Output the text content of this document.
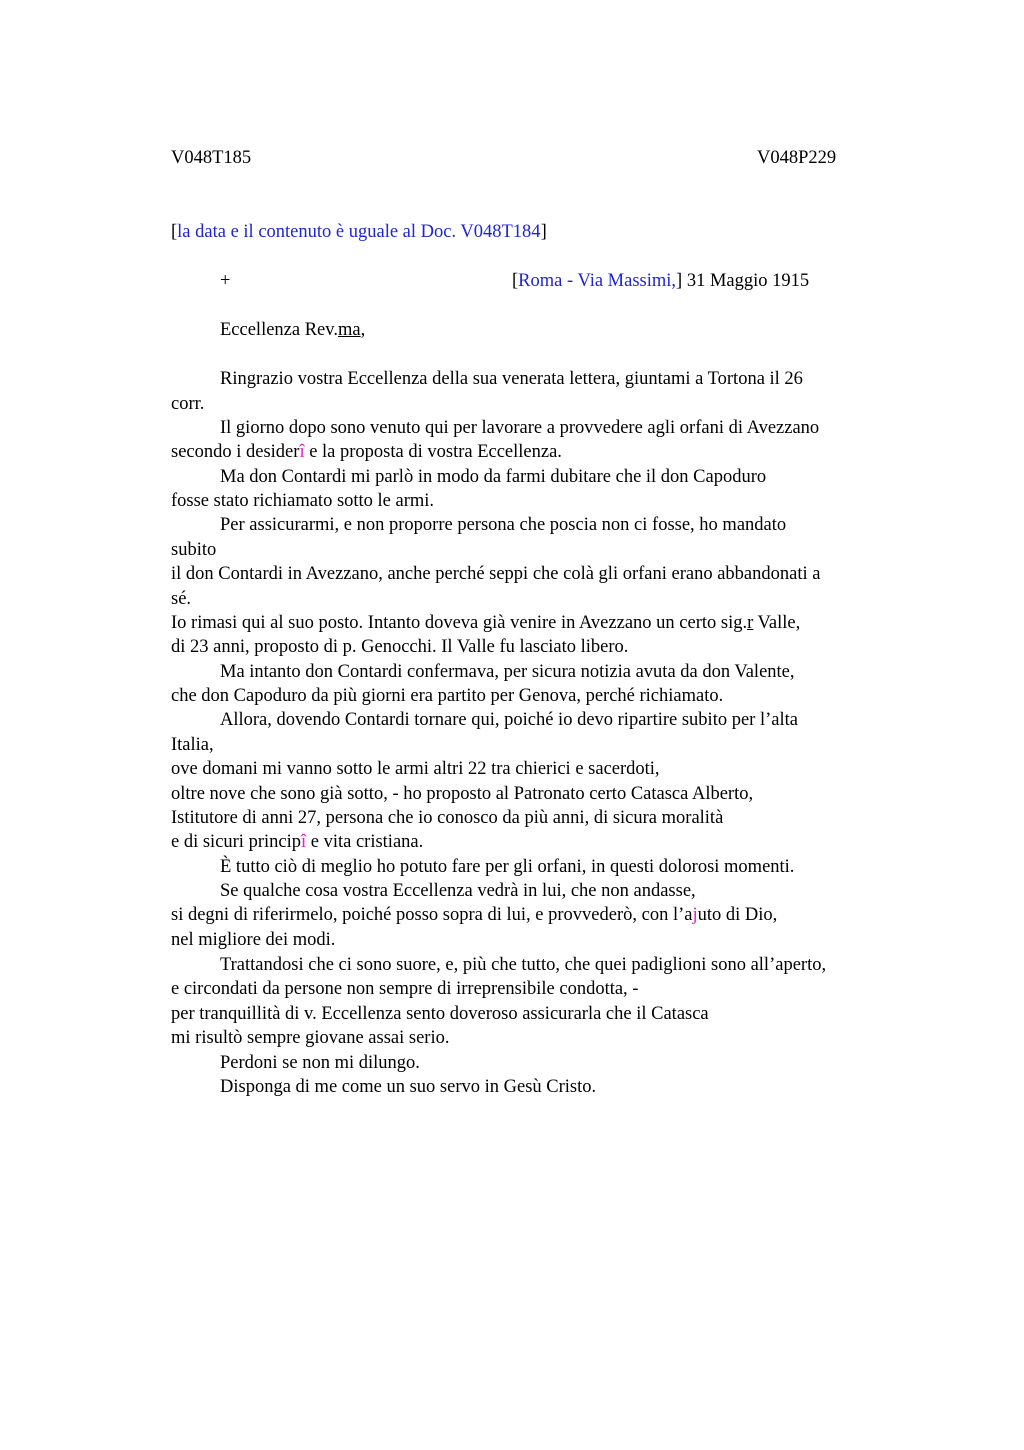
V048T185	V048P229
[la data e il contenuto è uguale al Doc. V048T184]
+	[Roma - Via Massimi,] 31 Maggio 1915
Eccellenza Rev.ma,
Ringrazio vostra Eccellenza della sua venerata lettera, giuntami a Tortona il 26
corr.
Il giorno dopo sono venuto qui per lavorare a provvedere agli orfani di Avezzano
secondo i desiderî e la proposta di vostra Eccellenza.
Ma don Contardi mi parlò in modo da farmi dubitare che il don Capoduro
fosse stato richiamato sotto le armi.
Per assicurarmi, e non proporre persona che poscia non ci fosse, ho mandato
subito
il don Contardi in Avezzano, anche perché seppi che colà gli orfani erano abbandonati a
sé.
Io rimasi qui al suo posto. Intanto doveva già venire in Avezzano un certo sig.r Valle,
di 23 anni, proposto di p. Genocchi. Il Valle fu lasciato libero.
Ma intanto don Contardi confermava, per sicura notizia avuta da don Valente,
che don Capoduro da più giorni era partito per Genova, perché richiamato.
Allora, dovendo Contardi tornare qui, poiché io devo ripartire subito per l’alta
Italia,
ove domani mi vanno sotto le armi altri 22 tra chierici e sacerdoti,
oltre nove che sono già sotto, - ho proposto al Patronato certo Catasca Alberto,
Istitutore di anni 27, persona che io conosco da più anni, di sicura moralità
e di sicuri principî e vita cristiana.
È tutto ciò di meglio ho potuto fare per gli orfani, in questi dolorosi momenti.
Se qualche cosa vostra Eccellenza vedrà in lui, che non andasse,
si degni di riferirmelo, poiché posso sopra di lui, e provvederò, con l’ajuto di Dio,
nel migliore dei modi.
Trattandosi che ci sono suore, e, più che tutto, che quei padiglioni sono all’aperto,
e circondati da persone non sempre di irreprensibile condotta, -
per tranquillità di v. Eccellenza sento doveroso assicurarla che il Catasca
mi risultò sempre giovane assai serio.
Perdoni se non mi dilungo.
Disponga di me come un suo servo in Gesù Cristo.
